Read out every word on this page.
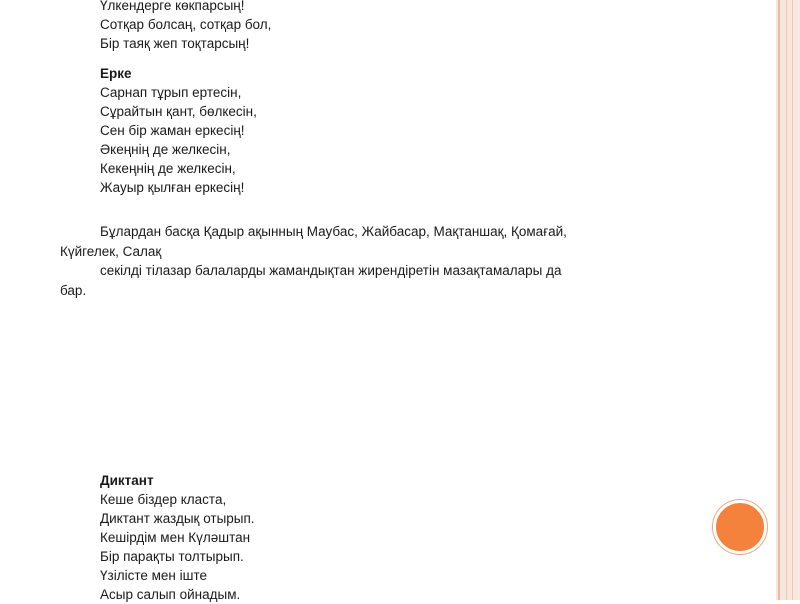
Үлкендерге көкпарсың!
Сотқар болсаң, сотқар бол,
Бір таяқ жеп тоқтарсың!
Ерке
Сарнап тұрып ертесін,
Сұрайтын қант, бөлкесін,
Сен бір жаман еркесің!
Әкеңнің де желкесін,
Кекеңнің де желкесін,
Жауыр қылған еркесің!
Бұлардан басқа Қадыр ақынның Маубас, Жайбасар, Мақтаншақ, Қомағай,
Күйгелек, Салақ
секілді тілазар балаларды жамандықтан жирендіретін мазақтамалары да
бар.
Диктант
Кеше біздер класта,
Диктант жаздық отырып.
Кешірдім мен Күләштан
Бір парақты толтырып.
Үзілісте мен іште
Асыр салып ойнадым.
